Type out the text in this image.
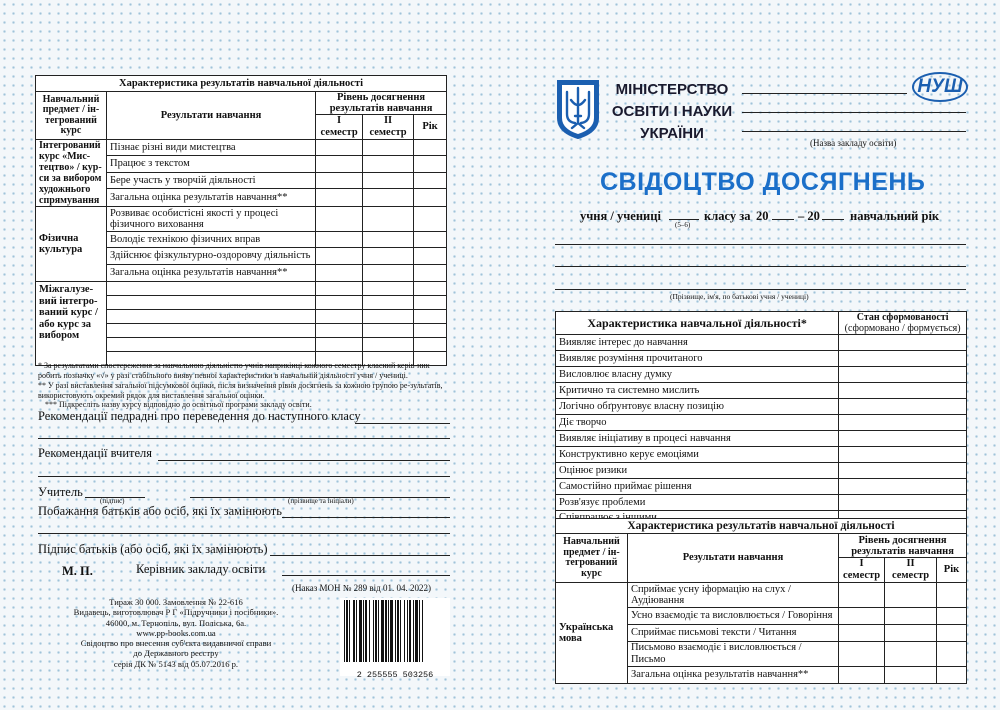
Характеристика результатів навчальної діяльності				
Навчальний предмет / ін-тегрований курс	Результати навчання	Рівень досягнення результатів навчання		
		І семестр	ІІ семестр	Рік
Інтегрований курс «Мис-тецтво» / кур-си за вибором художнього спрямування	Пізнає різні види мистецтва			
	Працює з текстом			
	Бере участь у творчій діяльності			
	Загальна оцінка результатів навчання**			
Фізична культура	Розвиває особистісні якості у процесі фізичного виховання			
	Володіє технікою фізичних вправ			
	Здійснює фізкультурно-оздоровчу діяльність			
	Загальна оцінка результатів навчання**			
Міжгалузе-вий інтегро-ваний курс / або курс за вибором				

* За результатами спостереження за навчальною діяльністю учнів наприкінці кожного семестру класний керів-ник робить позначку «√» у разі стабільного вияву певної характеристики в навчальній діяльності учня / учениці.
** У разі виставлення загальної підсумкової оцінки, після визначення рівня досягнень за кожною групою ре-зультатів, використовують окремий рядок для виставлення загальної оцінки.
*** Підкресліть назву курсу відповідно до освітньої програми закладу освіти.
Рекомендації педрадні про переведення до наступного класу
Рекомендації вчителя
Учитель
(підпис)	(прізвище та ініціали)
Побажання батьків або осіб, які їх замінюють
Підпис батьків (або осіб, які їх замінюють)
М. П.	Керівник закладу освіти
(Наказ МОН № 289 від 01. 04. 2022)
Тираж 30 000. Замовлення № 22-616
Видавець, виготовлювач Р Г «Підручники і посібники».
46000, м. Тернопіль, вул. Поліська, 6а.
www.pp-books.com.ua
Свідоцтво про внесення суб'єкта видавничої справи
до Державного реєстру
серія ДК № 5143 від 05.07.2016 р.
2 255555 503256
МІНІСТЕРСТВО
ОСВІТИ І НАУКИ
УКРАЇНИ
НУШ
(Назва закладу освіти)
СВІДОЦТВО ДОСЯГНЕНЬ
учня / учениці	класу за 20 – 20 навчальний рік
(5–6)
(Прізвище, ім'я, по батькові учня / учениці)
Характеристика навчальної діяльності*	Стан сформованості
(сформовано / формується)

Виявляє інтерес до навчання	
Виявляє розуміння прочитаного	
Висловлює власну думку	
Критично та системно мислить	
Логічно обґрунтовує власну позицію	
Діє творчо	
Виявляє ініціативу в процесі навчання	
Конструктивно керує емоціями	
Оцінює ризики	
Самостійно приймає рішення	
Розв'язує проблеми	

Характеристика результатів навчальної діяльності				
Навчальний предмет / ін-тегрований курс	Результати навчання	Рівень досягнення результатів навчання		
		І семестр	ІІ семестр	Рік
Українська мова	Сприймає усну іформацію на слух / Аудіювання			
	Усно взаємодіє та висловлюється / Говоріння			
	Сприймає письмові тексти / Читання			
	Письмово взаємодіє і висловлюється / Письмо			
	Загальна оцінка результатів навчання**			
